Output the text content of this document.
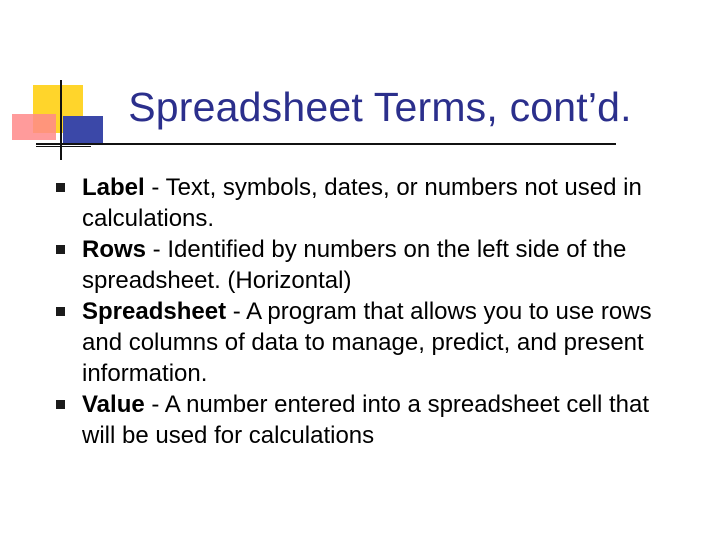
Spreadsheet Terms, cont’d.
Label - Text, symbols, dates, or numbers not used in calculations.
Rows - Identified by numbers on the left side of the spreadsheet. (Horizontal)
Spreadsheet - A program that allows you to use rows and columns of data to manage, predict, and present information.
Value - A number entered into a spreadsheet cell that will be used for calculations
